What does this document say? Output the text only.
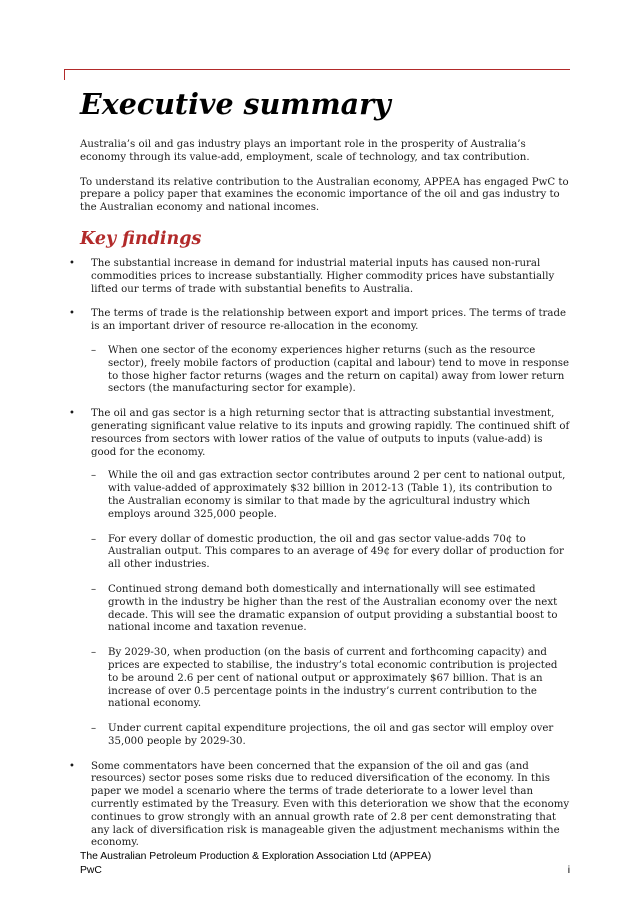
Executive summary

Australia’s oil and gas industry plays an important role in the prosperity of Australia’s economy through its value-add, employment, scale of technology, and tax contribution.

To understand its relative contribution to the Australian economy, APPEA has engaged PwC to prepare a policy paper that examines the economic importance of the oil and gas industry to the Australian economy and national incomes.

Key findings
• The substantial increase in demand for industrial material inputs has caused non-rural commodities prices to increase substantially. Higher commodity prices have substantially lifted our terms of trade with substantial benefits to Australia.

• The terms of trade is the relationship between export and import prices. The terms of trade is an important driver of resource re-allocation in the economy.

– When one sector of the economy experiences higher returns (such as the resource sector), freely mobile factors of production (capital and labour) tend to move in response to those higher factor returns (wages and the return on capital) away from lower return sectors (the manufacturing sector for example).

• The oil and gas sector is a high returning sector that is attracting substantial investment, generating significant value relative to its inputs and growing rapidly. The continued shift of resources from sectors with lower ratios of the value of outputs to inputs (value-add) is good for the economy.

– While the oil and gas extraction sector contributes around 2 per cent to national output, with value-added of approximately $32 billion in 2012-13 (Table 1), its contribution to the Australian economy is similar to that made by the agricultural industry which employs around 325,000 people.

– For every dollar of domestic production, the oil and gas sector value-adds 70¢ to Australian output. This compares to an average of 49¢ for every dollar of production for all other industries.

– Continued strong demand both domestically and internationally will see estimated growth in the industry be higher than the rest of the Australian economy over the next decade. This will see the dramatic expansion of output providing a substantial boost to national income and taxation revenue.

– By 2029-30, when production (on the basis of current and forthcoming capacity) and prices are expected to stabilise, the industry’s total economic contribution is projected to be around 2.6 per cent of national output or approximately $67 billion. That is an increase of over 0.5 percentage points in the industry’s current contribution to the national economy.

– Under current capital expenditure projections, the oil and gas sector will employ over 35,000 people by 2029-30.

• Some commentators have been concerned that the expansion of the oil and gas (and resources) sector poses some risks due to reduced diversification of the economy. In this paper we model a scenario where the terms of trade deteriorate to a lower level than currently estimated by the Treasury. Even with this deterioration we show that the economy continues to grow strongly with an annual growth rate of 2.8 per cent demonstrating that any lack of diversification risk is manageable given the adjustment mechanisms within the economy.

The Australian Petroleum Production & Exploration Association Ltd (APPEA)
PwC	i
